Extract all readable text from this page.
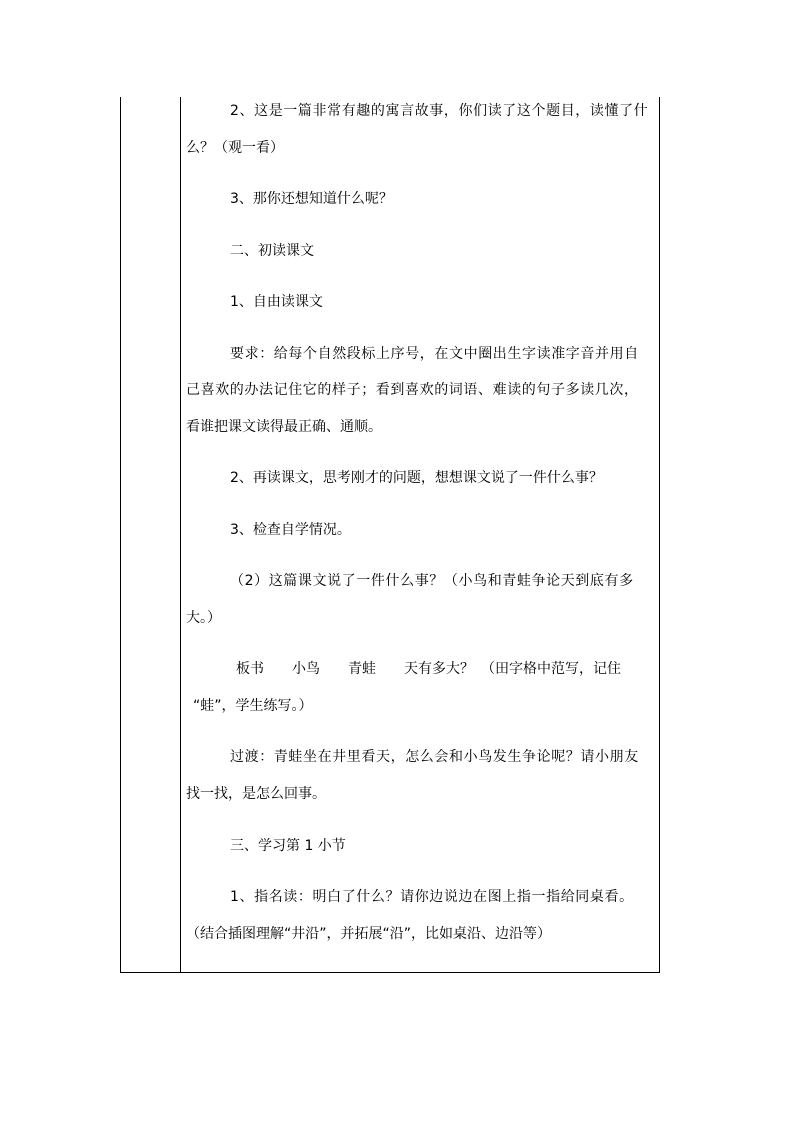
2、这是一篇非常有趣的寓言故事，你们读了这个题目，读懂了什
么？（观一看）
3、那你还想知道什么呢？
二、初读课文
1、自由读课文
要求：给每个自然段标上序号，在文中圈出生字读准字音并用自
己喜欢的办法记住它的样子；看到喜欢的词语、难读的句子多读几次，
看谁把课文读得最正确、通顺。
2、再读课文，思考刚才的问题，想想课文说了一件什么事？
3、检查自学情况。
（2）这篇课文说了一件什么事？（小鸟和青蛙争论天到底有多
大。）
板书　　小鸟　　青蛙　　天有多大？　（田字格中范写，记住
“蛙”，学生练写。）
过渡：青蛙坐在井里看天，怎么会和小鸟发生争论呢？请小朋友
找一找，是怎么回事。
三、学习第 1 小节
1、指名读：明白了什么？请你边说边在图上指一指给同桌看。
（结合插图理解“井沿”，并拓展“沿”，比如桌沿、边沿等）
